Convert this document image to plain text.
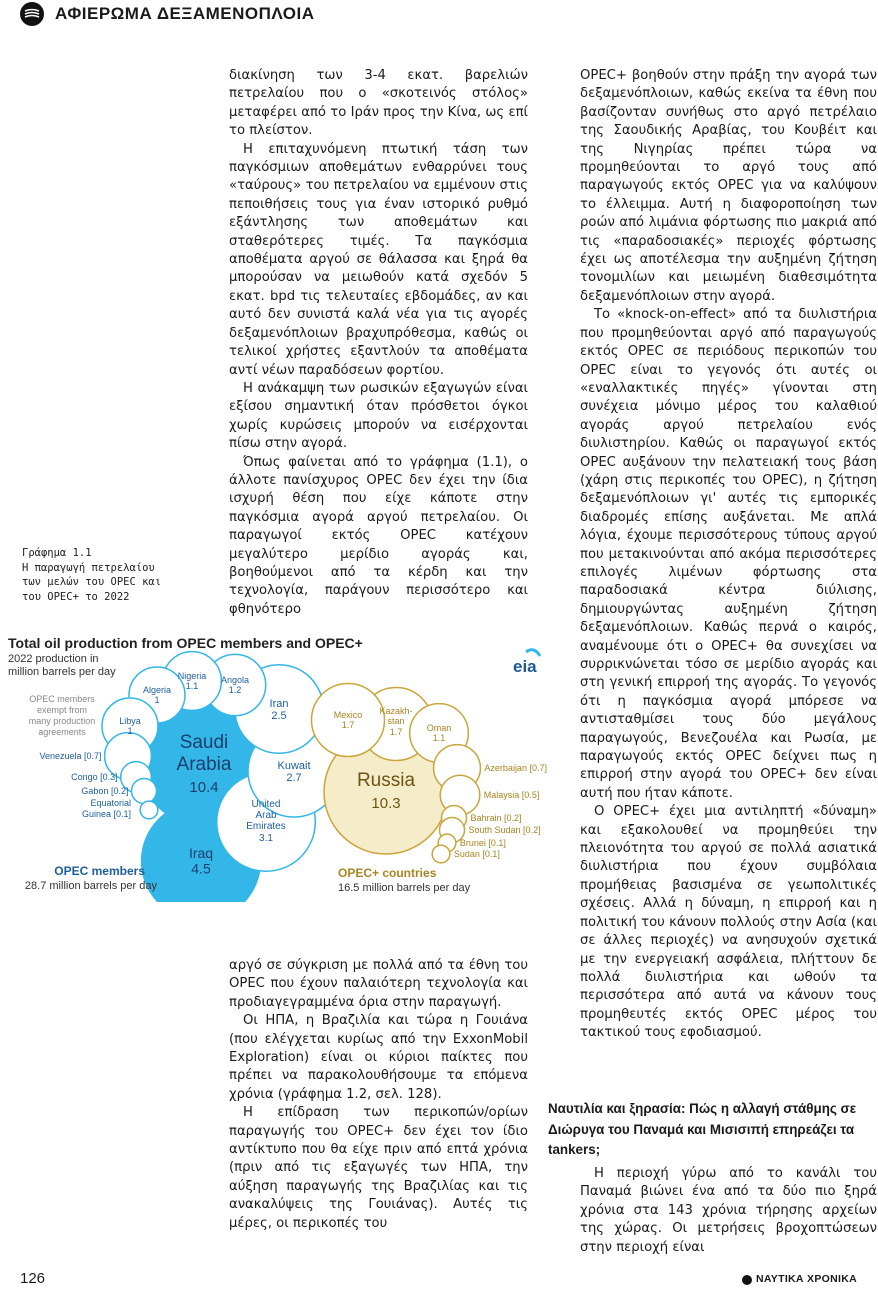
ΑΦΙΕΡΩΜΑ ΔΕΞΑΜΕΝΟΠΛΟΙΑ

διακίνηση των 3-4 εκατ. βαρελιών πετρελαίου που ο «σκοτεινός στόλος» μεταφέρει από το Ιράν προς την Κίνα, ως επί το πλείστον.

Η επιταχυνόμενη πτωτική τάση των παγκόσμιων αποθεμάτων ενθαρρύνει τους «ταύρους» του πετρελαίου να εμμένουν στις πεποιθήσεις τους για έναν ιστορικό ρυθμό εξάντλησης των αποθεμάτων και σταθερότερες τιμές. Τα παγκόσμια αποθέματα αργού σε θάλασσα και ξηρά θα μπορούσαν να μειωθούν κατά σχεδόν 5 εκατ. bpd τις τελευταίες εβδομάδες, αν και αυτό δεν συνιστά καλά νέα για τις αγορές δεξαμενόπλοιων βραχυπρόθεσμα, καθώς οι τελικοί χρήστες εξαντλούν τα αποθέματα αντί νέων παραδόσεων φορτίου.

Η ανάκαμψη των ρωσικών εξαγωγών είναι εξίσου σημαντική όταν πρόσθετοι όγκοι χωρίς κυρώσεις μπορούν να εισέρχονται πίσω στην αγορά.

Όπως φαίνεται από το γράφημα (1.1), ο άλλοτε πανίσχυρος OPEC δεν έχει την ίδια ισχυρή θέση που είχε κάποτε στην παγκόσμια αγορά αργού πετρελαίου. Οι παραγωγοί εκτός OPEC κατέχουν μεγαλύτερο μερίδιο αγοράς και, βοηθούμενοι από τα κέρδη και την τεχνολογία, παράγουν περισσότερο και φθηνότερο

αργό σε σύγκριση με πολλά από τα έθνη του OPEC που έχουν παλαιότερη τεχνολογία και προδιαγεγραμμένα όρια στην παραγωγή.

Οι ΗΠΑ, η Βραζιλία και τώρα η Γουιάνα (που ελέγχεται κυρίως από την ExxonMobil Exploration) είναι οι κύριοι παίκτες που πρέπει να παρακολουθήσουμε τα επόμενα χρόνια (γράφημα 1.2, σελ. 128).

Η επίδραση των περικοπών/ορίων παραγωγής του OPEC+ δεν έχει τον ίδιο αντίκτυπο που θα είχε πριν από επτά χρόνια (πριν από τις εξαγωγές των ΗΠΑ, την αύξηση παραγωγής της Βραζιλίας και τις ανακαλύψεις της Γουιάνας). Αυτές τις μέρες, οι περικοπές του

OPEC+ βοηθούν στην πράξη την αγορά των δεξαμενόπλοιων, καθώς εκείνα τα έθνη που βασίζονταν συνήθως στο αργό πετρέλαιο της Σαουδικής Αραβίας, του Κουβέιτ και της Νιγηρίας πρέπει τώρα να προμηθεύονται το αργό τους από παραγωγούς εκτός OPEC για να καλύψουν το έλλειμμα. Αυτή η διαφοροποίηση των ροών από λιμάνια φόρτωσης πιο μακριά από τις «παραδοσιακές» περιοχές φόρτωσης έχει ως αποτέλεσμα την αυξημένη ζήτηση τονομιλίων και μειωμένη διαθεσιμότητα δεξαμενόπλοιων στην αγορά.

Το «knock-on-effect» από τα διυλιστήρια που προμηθεύονται αργό από παραγωγούς εκτός OPEC σε περιόδους περικοπών του OPEC είναι το γεγονός ότι αυτές οι «εναλλακτικές πηγές» γίνονται στη συνέχεια μόνιμο μέρος του καλαθιού αγοράς αργού πετρελαίου ενός διυλιστηρίου. Καθώς οι παραγωγοί εκτός OPEC αυξάνουν την πελατειακή τους βάση (χάρη στις περικοπές του OPEC), η ζήτηση δεξαμενόπλοιων γι' αυτές τις εμπορικές διαδρομές επίσης αυξάνεται. Με απλά λόγια, έχουμε περισσότερους τύπους αργού που μετακινούνται από ακόμα περισσότερες επιλογές λιμένων φόρτωσης στα παραδοσιακά κέντρα διύλισης, δημιουργώντας αυξημένη ζήτηση δεξαμενόπλοιων. Καθώς περνά ο καιρός, αναμένουμε ότι ο OPEC+ θα συνεχίσει να συρρικνώνεται τόσο σε μερίδιο αγοράς και στη γενική επιρροή της αγοράς. Το γεγονός ότι η παγκόσμια αγορά μπόρεσε να αντισταθμίσει τους δύο μεγάλους παραγωγούς, Βενεζουέλα και Ρωσία, με παραγωγούς εκτός OPEC δείχνει πως η επιρροή στην αγορά του OPEC+ δεν είναι αυτή που ήταν κάποτε.

Ο OPEC+ έχει μια αντιληπτή «δύναμη» και εξακολουθεί να προμηθεύει την πλειονότητα του αργού σε πολλά ασιατικά διυλιστήρια που έχουν συμβόλαια προμήθειας βασισμένα σε γεωπολιτικές σχέσεις. Αλλά η δύναμη, η επιρροή και η πολιτική του κάνουν πολλούς στην Ασία (και σε άλλες περιοχές) να ανησυχούν σχετικά με την ενεργειακή ασφάλεια, πλήττουν δε πολλά διυλιστήρια και ωθούν τα περισσότερα από αυτά να κάνουν τους προμηθευτές εκτός OPEC μέρος του τακτικού τους εφοδιασμού.

Ναυτιλία και ξηρασία: Πώς η αλλαγή στάθμης σε Διώρυγα του Παναμά και Μισισιπή επηρεάζει τα tankers;

Η περιοχή γύρω από το κανάλι του Παναμά βιώνει ένα από τα δύο πιο ξηρά χρόνια στα 143 χρόνια τήρησης αρχείων της χώρας. Οι μετρήσεις βροχοπτώσεων στην περιοχή είναι

Γράφημα 1.1
Η παραγωγή πετρελαίου
των μελών του OPEC και
του OPEC+ το 2022
Total oil production from OPEC members and OPEC+
2022 production in
million barrels per day	eia
OPEC members
exempt from
many production
agreements	Saudi
Arabia
10.4
Iraq
4.5
United
Arab
Emirates
3.1
Kuwait
2.7
Iran
2.5
Angola
1.2
Nigeria
1.1
Algeria
1
Libya
1
Venezuela [0.7]
Congo [0.3]
Gabon [0.2]
Equatorial
Guinea [0.1]
Russia
10.3
Kazakh-
stan
1.7
Mexico
1.7	Oman
1.1
Azerbaijan [0.7]
Malaysia [0.5]
Bahrain [0.2]
South Sudan [0.2]
Brunei [0.1]
Sudan [0.1]
OPEC members
28.7 million barrels per day
OPEC+ countries
16.5 million barrels per day
126	ΝΑΥΤΙΚΑ ΧΡΟΝΙΚΑ
